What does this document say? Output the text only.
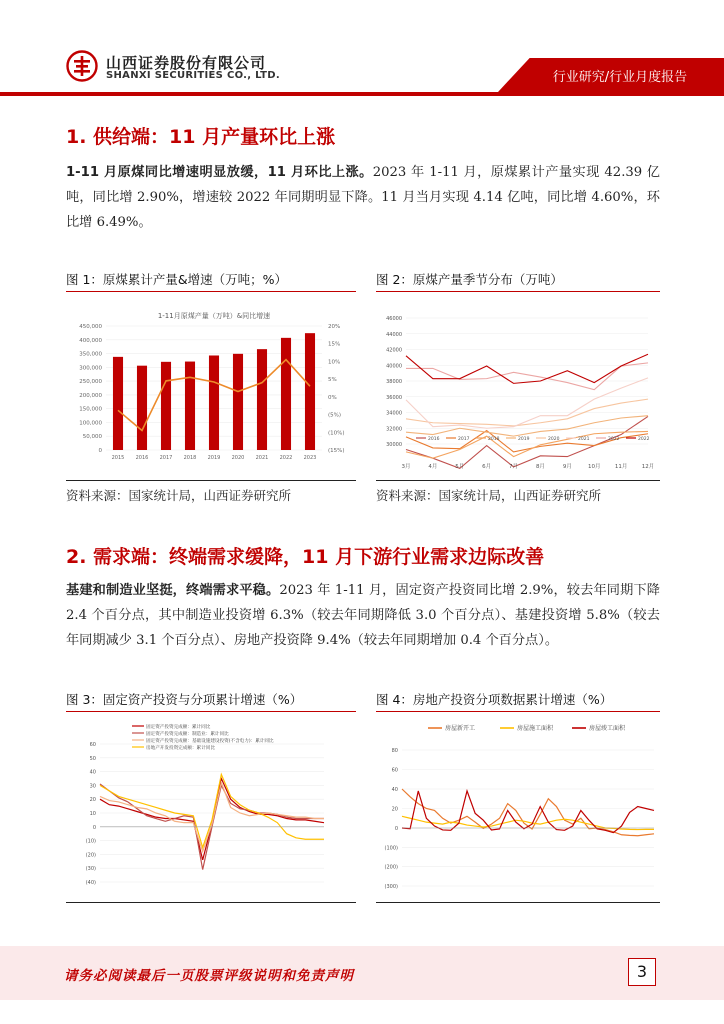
山西证券股份有限公司
SHANXI SECURITIES CO., LTD.	行业研究/行业月度报告
1. 供给端：11 月产量环比上涨
1-11 月原煤同比增速明显放缓，11 月环比上涨。2023 年 1-11 月，原煤累计产量实现 42.39 亿吨，同比增 2.90%，增速较 2022 年同期明显下降。11 月当月实现 4.14 亿吨，同比增 4.60%，环比增 6.49%。
图 1：原煤累计产量&增速（万吨；%）
1-11月原煤产量（万吨）&同比增速
0
50,000
100,000
150,000
200,000
250,000
300,000
350,000
400,000
450,000
(15%)
(10%)
(5%)
0%
5%
10%
15%
20%
2015 2016 2017 2018 2019 2020 2021 2022 2023
资料来源：国家统计局，山西证券研究所
图 2：原煤产量季节分布（万吨）
30000
32000
34000
36000
38000
40000
42000
44000
46000
3月	4月	5月	6月	7月	8月	9月	10月	11月	12月
2016	2017	2018	2019	2020	2021	2022	2022
资料来源：国家统计局，山西证券研究所
2. 需求端：终端需求缓降，11 月下游行业需求边际改善
基建和制造业坚挺，终端需求平稳。2023 年 1-11 月，固定资产投资同比增 2.9%，较去年同期下降 2.4 个百分点，其中制造业投资增 6.3%（较去年同期降低 3.0 个百分点）、基建投资增 5.8%（较去年同期减少 3.1 个百分点）、房地产投资降 9.4%（较去年同期增加 0.4 个百分点）。
图 3：固定资产投资与分项累计增速（%）
(40)
(30)
(20)
(10)
0
10
20
30
40
50
60
固定资产投资完成额：累计同比
固定资产投资完成额：制造业：累计同比
固定资产投资完成额：基础设施建设投资(不含电力)：累计同比
房地产开发投资完成额：累计同比
图 4：房地产投资分项数据累计增速（%）
(300)
(200)
(100)
0
20
40
60
80
房屋新开工	房屋施工面积	房屋竣工面积
请务必阅读最后一页股票评级说明和免责声明	3
